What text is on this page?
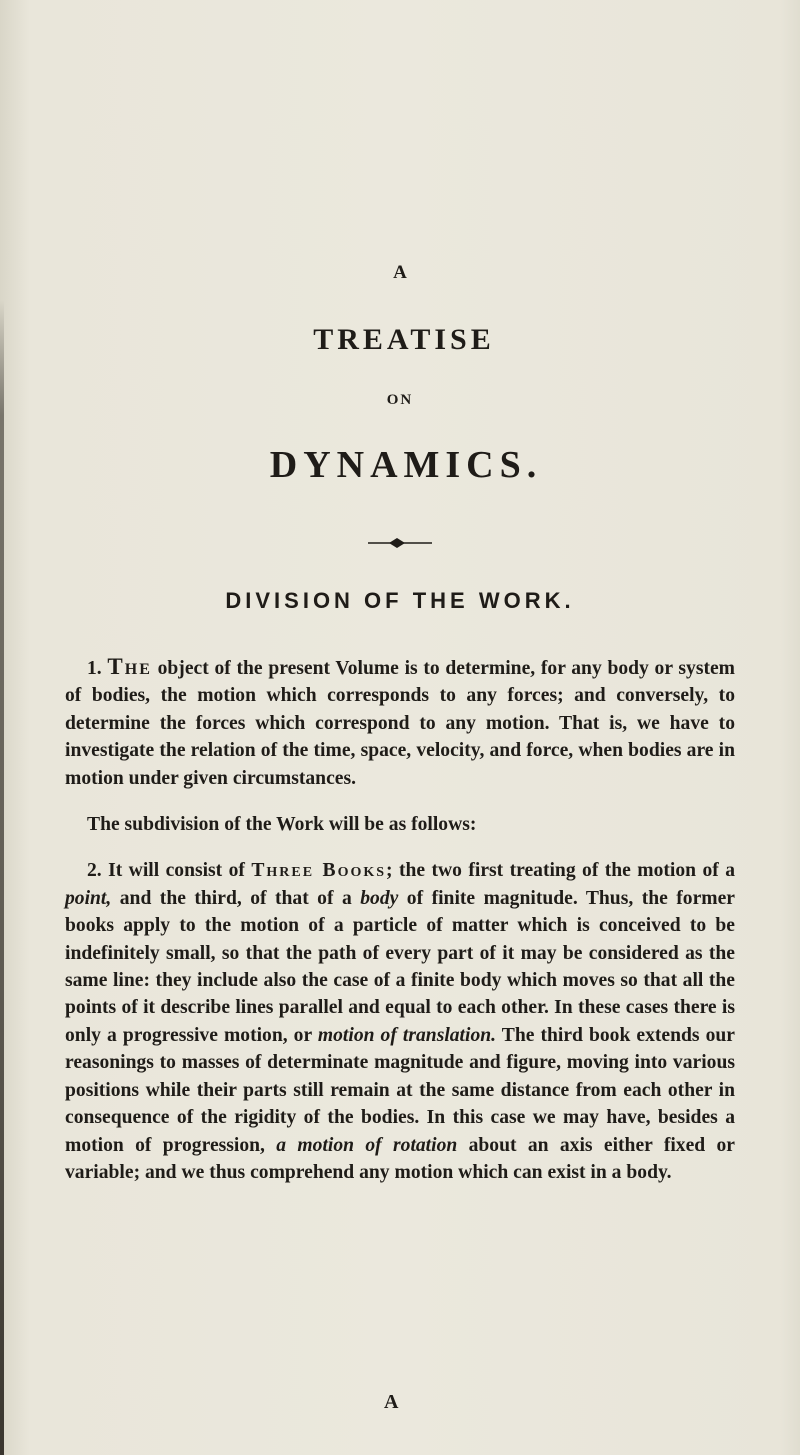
A
TREATISE
ON
DYNAMICS.
DIVISION OF THE WORK.

1. The object of the present Volume is to determine, for any body or system of bodies, the motion which corresponds to any forces; and conversely, to determine the forces which correspond to any motion. That is, we have to investigate the relation of the time, space, velocity, and force, when bodies are in motion under given circumstances.

The subdivision of the Work will be as follows:

2. It will consist of Three Books; the two first treating of the motion of a point, and the third, of that of a body of finite magnitude. Thus, the former books apply to the motion of a particle of matter which is conceived to be indefinitely small, so that the path of every part of it may be considered as the same line: they include also the case of a finite body which moves so that all the points of it describe lines parallel and equal to each other. In these cases there is only a progressive motion, or motion of translation. The third book extends our reasonings to masses of determinate magnitude and figure, moving into various positions while their parts still remain at the same distance from each other in consequence of the rigidity of the bodies. In this case we may have, besides a motion of progression, a motion of rotation about an axis either fixed or variable; and we thus comprehend any motion which can exist in a body.

A
